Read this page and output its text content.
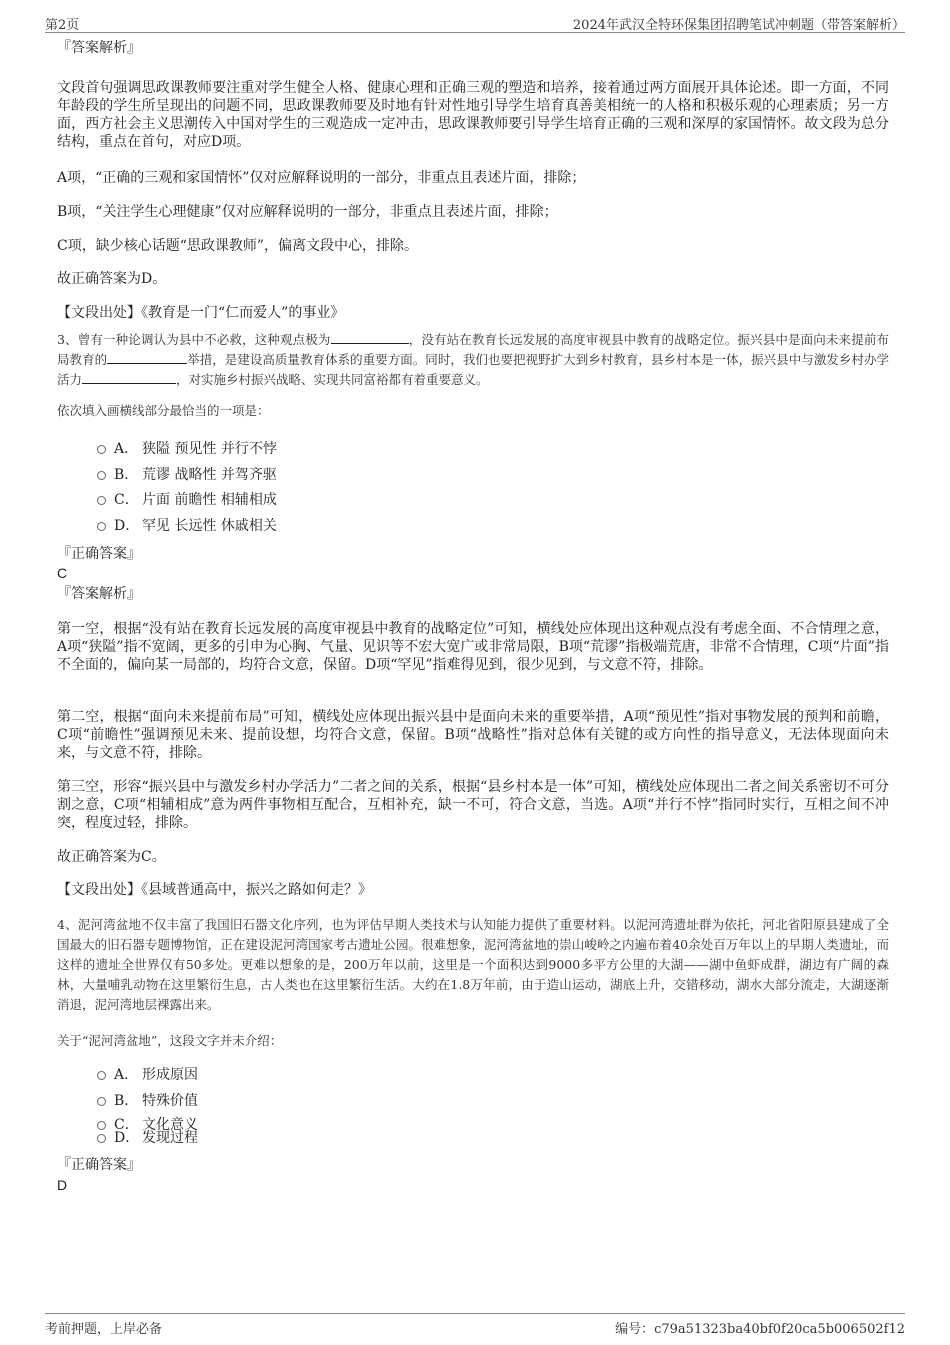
第2页	2024年武汉全特环保集团招聘笔试冲刺题（带答案解析）
『答案解析』

文段首句强调思政课教师要注重对学生健全人格、健康心理和正确三观的塑造和培养，接着通过两方面展开具体论述。即一方面，不同年龄段的学生所呈现出的问题不同，思政课教师要及时地有针对性地引导学生培育真善美相统一的人格和积极乐观的心理素质；另一方面，西方社会主义思潮传入中国对学生的三观造成一定冲击，思政课教师要引导学生培育正确的三观和深厚的家国情怀。故文段为总分结构，重点在首句，对应D项。

A项，“正确的三观和家国情怀”仅对应解释说明的一部分，非重点且表述片面，排除；

B项，“关注学生心理健康”仅对应解释说明的一部分，非重点且表述片面，排除；

C项，缺少核心话题“思政课教师”，偏离文段中心，排除。

故正确答案为D。

【文段出处】《教育是一门“仁而爱人”的事业》

3、曾有一种论调认为县中不必救，这种观点极为	，没有站在教育长远发展的高度审视县中教育的战略定位。振兴县中是面向未来提前布局教育的	举措，是建设高质量教育体系的重要方面。同时，我们也要把视野扩大到乡村教育，县乡村本是一体，振兴县中与激发乡村办学活力	，对实施乡村振兴战略、实现共同富裕都有着重要意义。

依次填入画横线部分最恰当的一项是：

A． 狭隘 预见性 并行不悖
B． 荒谬 战略性 并驾齐驱
C． 片面 前瞻性 相辅相成
D． 罕见 长远性 休戚相关
『正确答案』
C
『答案解析』

第一空，根据“没有站在教育长远发展的高度审视县中教育的战略定位”可知，横线处应体现出这种观点没有考虑全面、不合情理之意，A项“狭隘”指不宽阔，更多的引申为心胸、气量、见识等不宏大宽广或非常局限，B项“荒谬”指极端荒唐，非常不合情理，C项“片面”指不全面的，偏向某一局部的，均符合文意，保留。D项“罕见”指难得见到，很少见到，与文意不符，排除。

第二空，根据“面向未来提前布局”可知，横线处应体现出振兴县中是面向未来的重要举措，A项“预见性”指对事物发展的预判和前瞻，C项“前瞻性”强调预见未来、提前设想，均符合文意，保留。B项“战略性”指对总体有关键的或方向性的指导意义，无法体现面向未来，与文意不符，排除。

第三空，形容“振兴县中与激发乡村办学活力”二者之间的关系，根据“县乡村本是一体”可知，横线处应体现出二者之间关系密切不可分割之意，C项“相辅相成”意为两件事物相互配合，互相补充，缺一不可，符合文意，当选。A项“并行不悖”指同时实行，互相之间不冲突，程度过轻，排除。

故正确答案为C。

【文段出处】《县域普通高中，振兴之路如何走？》

4、泥河湾盆地不仅丰富了我国旧石器文化序列，也为评估早期人类技术与认知能力提供了重要材料。以泥河湾遗址群为依托，河北省阳原县建成了全国最大的旧石器专题博物馆，正在建设泥河湾国家考古遗址公园。很难想象，泥河湾盆地的崇山峻岭之内遍布着40余处百万年以上的早期人类遗址，而这样的遗址全世界仅有50多处。更难以想象的是，200万年以前，这里是一个面积达到9000多平方公里的大湖——湖中鱼虾成群，湖边有广阔的森林，大量哺乳动物在这里繁衍生息，古人类也在这里繁衍生活。大约在1.8万年前，由于造山运动，湖底上升，交错移动，湖水大部分流走，大湖逐渐消退，泥河湾地层裸露出来。

关于“泥河湾盆地”，这段文字并未介绍：

A． 形成原因
B． 特殊价值
C． 文化意义
D． 发现过程
『正确答案』
D
考前押题，上岸必备	编号：c79a51323ba40bf0f20ca5b006502f12
